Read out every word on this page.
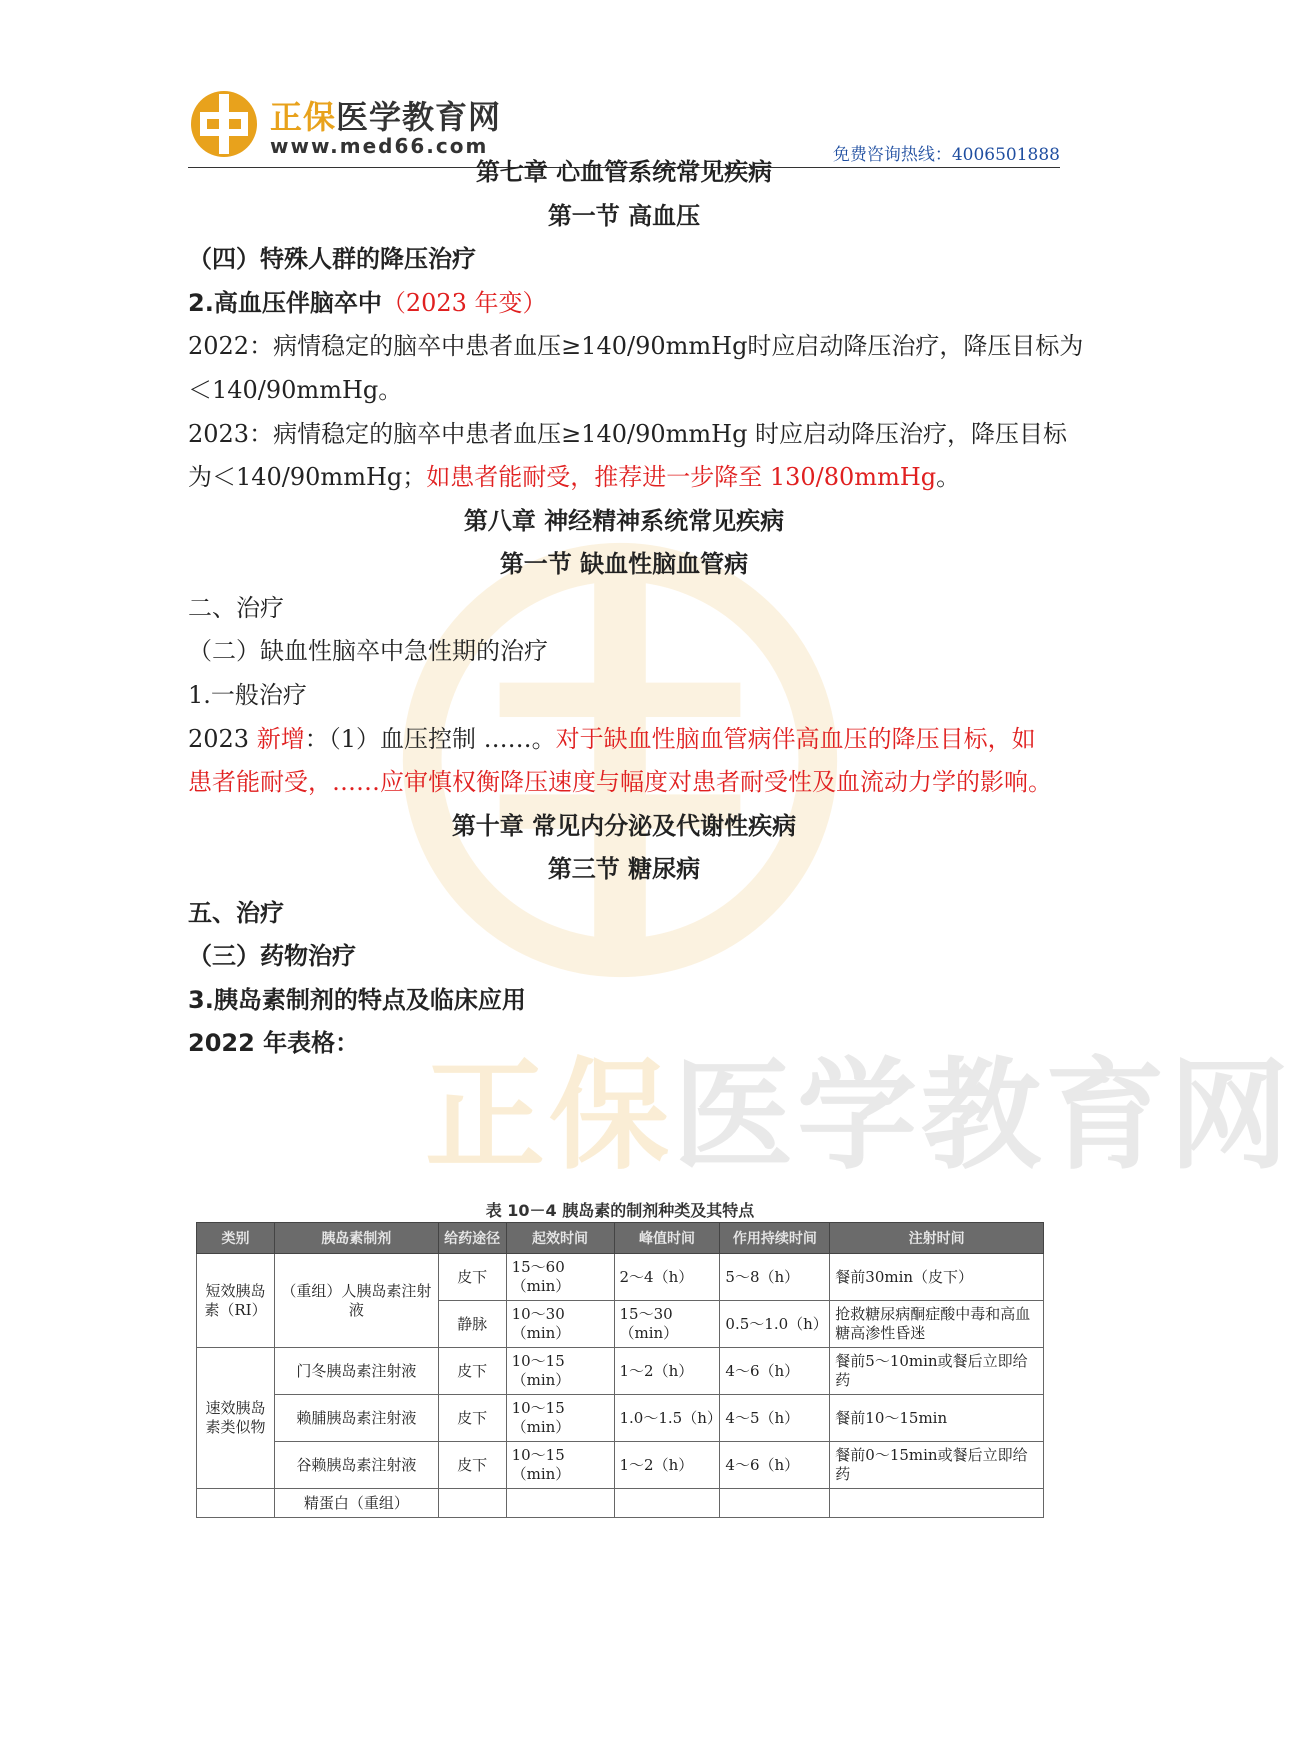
正保医学教育网
www.med66.com	免费咨询热线：4006501888
正保医学教育网
第七章 心血管系统常见疾病
第一节 高血压
（四）特殊人群的降压治疗
2.高血压伴脑卒中（2023 年变）
2022：病情稳定的脑卒中患者血压≥140/90mmHg时应启动降压治疗，降压目标为
＜140/90mmHg。
2023：病情稳定的脑卒中患者血压≥140/90mmHg 时应启动降压治疗，降压目标
为＜140/90mmHg；如患者能耐受，推荐进一步降至 130/80mmHg。
第八章 神经精神系统常见疾病
第一节 缺血性脑血管病
二、治疗
（二）缺血性脑卒中急性期的治疗
1.一般治疗
2023 新增：（1）血压控制 ……。对于缺血性脑血管病伴高血压的降压目标，如
患者能耐受，……应审慎权衡降压速度与幅度对患者耐受性及血流动力学的影响。
第十章 常见内分泌及代谢性疾病
第三节 糖尿病
五、治疗
（三）药物治疗
3.胰岛素制剂的特点及临床应用
2022 年表格：
表 10－4 胰岛素的制剂种类及其特点
类别	胰岛素制剂	给药途径	起效时间	峰值时间	作用持续时间	注射时间
短效胰岛素（RI）	（重组）人胰岛素注射液	皮下	15～60（min）	2～4（h）	5～8（h）	餐前30min（皮下）
		静脉	10～30（min）	15～30（min）	0.5～1.0（h）	抢救糖尿病酮症酸中毒和高血糖高渗性昏迷
速效胰岛素类似物	门冬胰岛素注射液	皮下	10～15（min）	1～2（h）	4～6（h）	餐前5～10min或餐后立即给药
	赖脯胰岛素注射液	皮下	10～15（min）	1.0～1.5（h）	4～5（h）	餐前10～15min
	谷赖胰岛素注射液	皮下	10～15（min）	1～2（h）	4～6（h）	餐前0～15min或餐后立即给药
	精蛋白（重组）					
